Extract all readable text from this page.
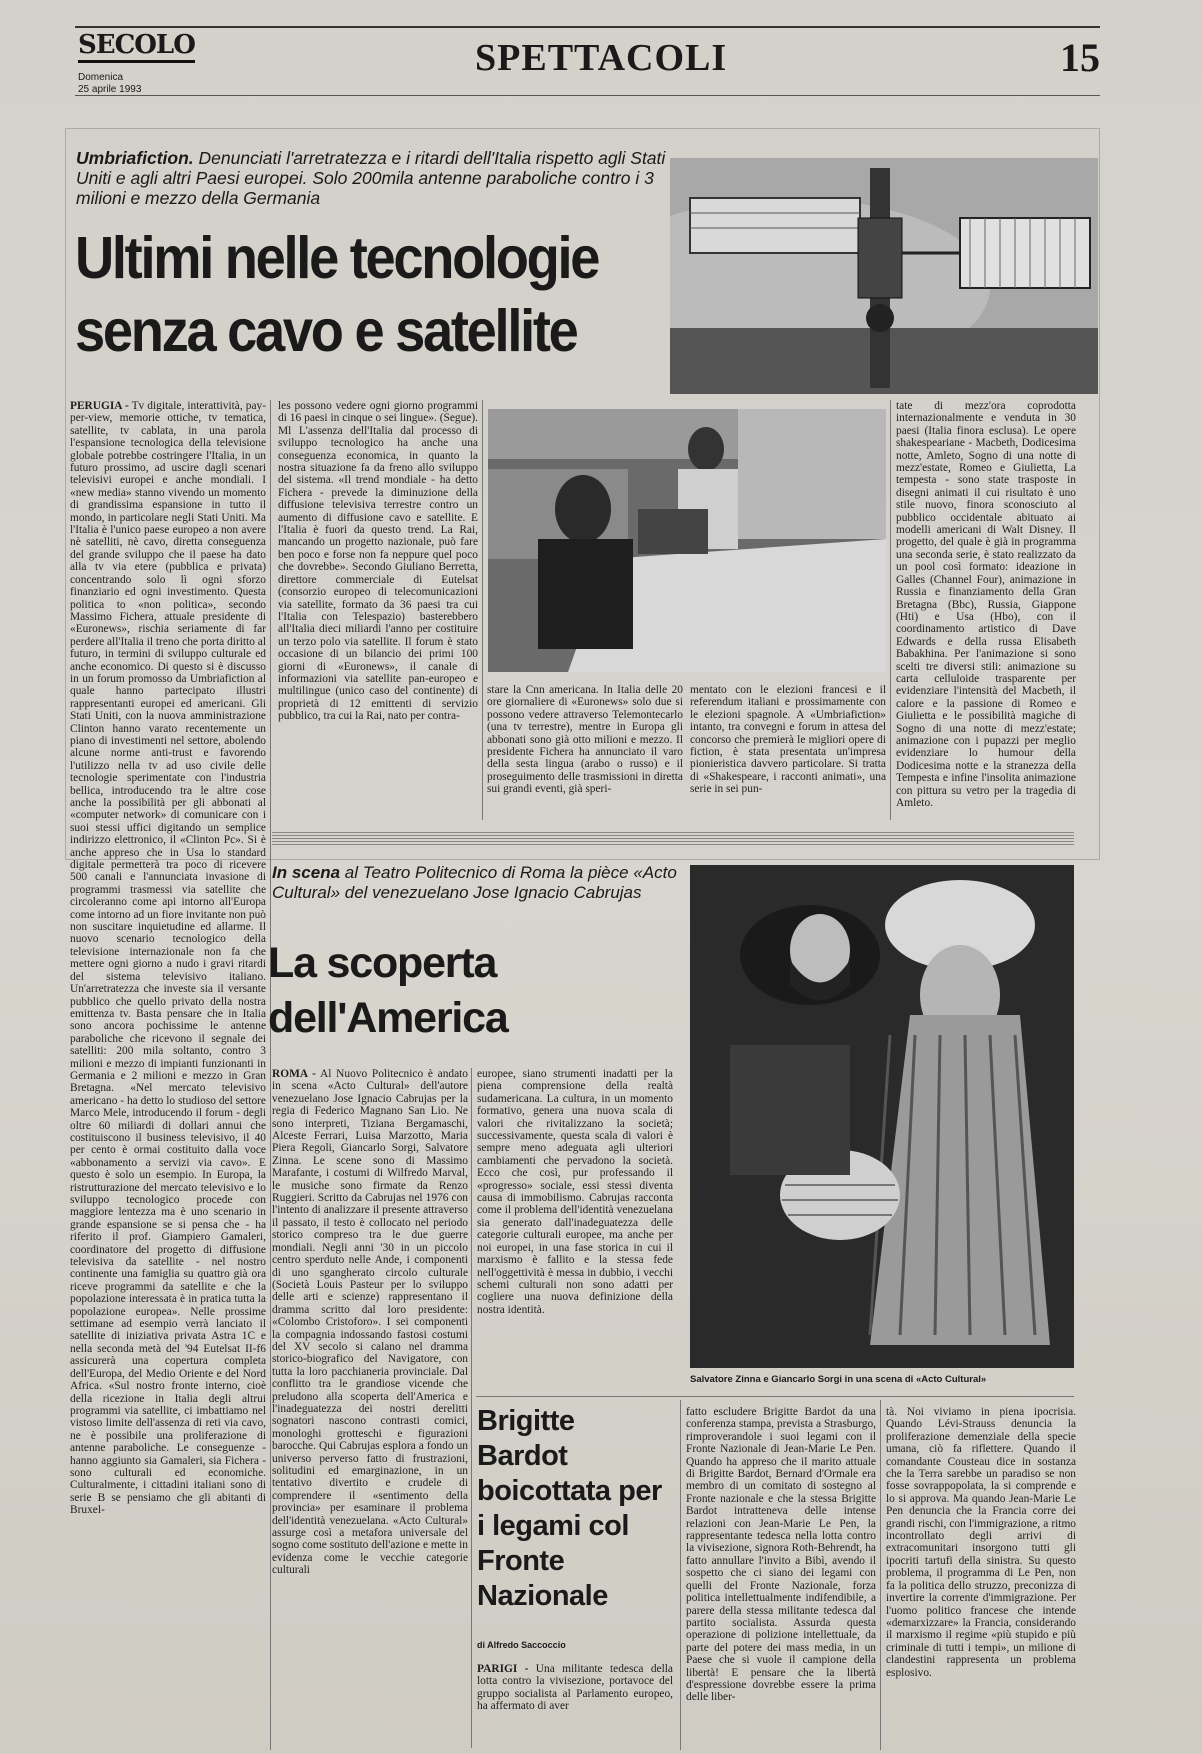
SECOLO
Domenica
25 aprile 1993
SPETTACOLI	15
Umbriafiction. Denunciati l'arretratezza e i ritardi dell'Italia rispetto agli Stati Uniti e agli altri Paesi europei. Solo 200mila antenne paraboliche contro i 3 milioni e mezzo della Germania
Ultimi nelle tecnologie
senza cavo e satellite
PERUGIA - Tv digitale, interattività, pay-per-view, memorie ottiche, tv tematica, satellite, tv cablata, in una parola l'espansione tecnologica della televisione globale potrebbe costringere l'Italia, in un futuro prossimo, ad uscire dagli scenari televisivi europei e anche mondiali. I «new media» stanno vivendo un momento di grandissima espansione in tutto il mondo, in particolare negli Stati Uniti. Ma l'Italia è l'unico paese europeo a non avere nè satelliti, nè cavo, diretta conseguenza del grande sviluppo che il paese ha dato alla tv via etere (pubblica e privata) concentrando solo lì ogni sforzo finanziario ed ogni investimento. Questa politica to «non politica», secondo Massimo Fichera, attuale presidente di «Euronews», rischia seriamente di far perdere all'Italia il treno che porta diritto al futuro, in termini di sviluppo culturale ed anche economico. Di questo si è discusso in un forum promosso da Umbriafiction al quale hanno partecipato illustri rappresentanti europei ed americani. Gli Stati Uniti, con la nuova amministrazione Clinton hanno varato recentemente un piano di investimenti nel settore, abolendo alcune norme anti-trust e favorendo l'utilizzo nella tv ad uso civile delle tecnologie sperimentate con l'industria bellica, introducendo tra le altre cose anche la possibilità per gli abbonati al «computer network» di comunicare con i suoi stessi uffici digitando un semplice indirizzo elettronico, il «Clinton Pc». Si è anche appreso che in Usa lo standard digitale permetterà tra poco di ricevere 500 canali e l'annunciata invasione di programmi trasmessi via satellite che circoleranno come api intorno all'Europa come intorno ad un fiore invitante non può non suscitare inquietudine ed allarme. Il nuovo scenario tecnologico della televisione internazionale non fa che mettere ogni giorno a nudo i gravi ritardi del sistema televisivo italiano. Un'arretratezza che investe sia il versante pubblico che quello privato della nostra emittenza tv. Basta pensare che in Italia sono ancora pochissime le antenne paraboliche che ricevono il segnale dei satelliti: 200 mila soltanto, contro 3 milioni e mezzo di impianti funzionanti in Germania e 2 milioni e mezzo in Gran Bretagna. «Nel mercato televisivo americano - ha detto lo studioso del settore Marco Mele, introducendo il forum - degli oltre 60 miliardi di dollari annui che costituiscono il business televisivo, il 40 per cento è ormai costituito dalla voce «abbonamento a servizi via cavo». E questo è solo un esempio. In Europa, la ristrutturazione del mercato televisivo e lo sviluppo tecnologico procede con maggiore lentezza ma è uno scenario in grande espansione se si pensa che - ha riferito il prof. Giampiero Gamaleri, coordinatore del progetto di diffusione televisiva da satellite - nel nostro continente una famiglia su quattro già ora riceve programmi da satellite e che la popolazione interessata è in pratica tutta la popolazione europea». Nelle prossime settimane ad esempio verrà lanciato il satellite di iniziativa privata Astra 1C e nella seconda metà del '94 Eutelsat II-f6 assicurerà una copertura completa dell'Europa, del Medio Oriente e del Nord Africa. «Sul nostro fronte interno, cioè della ricezione in Italia degli altrui programmi via satellite, ci imbattiamo nel vistoso limite dell'assenza di reti via cavo, ne è possibile una proliferazione di antenne paraboliche. Le conseguenze - hanno aggiunto sia Gamaleri, sia Fichera - sono culturali ed economiche. Culturalmente, i cittadini italiani sono di serie B se pensiamo che gli abitanti di Bruxel-
les possono vedere ogni giorno programmi di 16 paesi in cinque o sei lingue». (Segue). Ml L'assenza dell'Italia dal processo di sviluppo tecnologico ha anche una conseguenza economica, in quanto la nostra situazione fa da freno allo sviluppo del sistema. «Il trend mondiale - ha detto Fichera - prevede la diminuzione della diffusione televisiva terrestre contro un aumento di diffusione cavo e satellite. E l'Italia è fuori da questo trend. La Rai, mancando un progetto nazionale, può fare ben poco e forse non fa neppure quel poco che dovrebbe». Secondo Giuliano Berretta, direttore commerciale di Eutelsat (consorzio europeo di telecomunicazioni via satellite, formato da 36 paesi tra cui l'Italia con Telespazio) basterebbero all'Italia dieci miliardi l'anno per costituire un terzo polo via satellite. Il forum è stato occasione di un bilancio dei primi 100 giorni di «Euronews», il canale di informazioni via satellite pan-europeo e multilingue (unico caso del continente) di proprietà di 12 emittenti di servizio pubblico, tra cui la Rai, nato per contra-
stare la Cnn americana. In Italia delle 20 ore giornaliere di «Euronews» solo due si possono vedere attraverso Telemontecarlo (una tv terrestre), mentre in Europa gli abbonati sono già otto milioni e mezzo. Il presidente Fichera ha annunciato il varo della sesta lingua (arabo o russo) e il proseguimento delle trasmissioni in diretta sui grandi eventi, già speri-
mentato con le elezioni francesi e il referendum italiani e prossimamente con le elezioni spagnole. A «Umbriafiction» intanto, tra convegni e forum in attesa del concorso che premierà le migliori opere di fiction, è stata presentata un'impresa pionieristica davvero particolare. Si tratta di «Shakespeare, i racconti animati», una serie in sei pun-
tate di mezz'ora coprodotta internazionalmente e venduta in 30 paesi (Italia finora esclusa). Le opere shakespeariane - Macbeth, Dodicesima notte, Amleto, Sogno di una notte di mezz'estate, Romeo e Giulietta, La tempesta - sono state trasposte in disegni animati il cui risultato è uno stile nuovo, finora sconosciuto al pubblico occidentale abituato ai modelli americani di Walt Disney. Il progetto, del quale è già in programma una seconda serie, è stato realizzato da un pool così formato: ideazione in Galles (Channel Four), animazione in Russia e finanziamento della Gran Bretagna (Bbc), Russia, Giappone (Hti) e Usa (Hbo), con il coordinamento artistico di Dave Edwards e della russa Elisabeth Babakhina. Per l'animazione si sono scelti tre diversi stili: animazione su carta celluloide trasparente per evidenziare l'intensità del Macbeth, il calore e la passione di Romeo e Giulietta e le possibilità magiche di Sogno di una notte di mezz'estate; animazione con i pupazzi per meglio evidenziare lo humour della Dodicesima notte e la stranezza della Tempesta e infine l'insolita animazione con pittura su vetro per la tragedia di Amleto.
In scena al Teatro Politecnico di Roma la pièce «Acto Cultural» del venezuelano Jose Ignacio Cabrujas
La scoperta
dell'America
Salvatore Zinna e Giancarlo Sorgi in una scena di «Acto Cultural»
ROMA - Al Nuovo Politecnico è andato in scena «Acto Cultural» dell'autore venezuelano Jose Ignacio Cabrujas per la regia di Federico Magnano San Lio. Ne sono interpreti, Tiziana Bergamaschi, Alceste Ferrari, Luisa Marzotto, Maria Piera Regoli, Giancarlo Sorgi, Salvatore Zinna. Le scene sono di Massimo Marafante, i costumi di Wilfredo Marval, le musiche sono firmate da Renzo Ruggieri. Scritto da Cabrujas nel 1976 con l'intento di analizzare il presente attraverso il passato, il testo è collocato nel periodo storico compreso tra le due guerre mondiali. Negli anni '30 in un piccolo centro sperduto nelle Ande, i componenti di uno sgangherato circolo culturale (Società Louis Pasteur per lo sviluppo delle arti e scienze) rappresentano il dramma scritto dal loro presidente: «Colombo Cristoforo». I sei componenti la compagnia indossando fastosi costumi del XV secolo si calano nel dramma storico-biografico del Navigatore, con tutta la loro pacchianeria provinciale. Dal conflitto tra le grandiose vicende che preludono alla scoperta dell'America e l'inadeguatezza dei nostri derelitti sognatori nascono contrasti comici, monologhi grotteschi e figurazioni barocche. Qui Cabrujas esplora a fondo un universo perverso fatto di frustrazioni, solitudini ed emarginazione, in un tentativo divertito e crudele di comprendere il «sentimento della provincia» per esaminare il problema dell'identità venezuelana. «Acto Cultural» assurge così a metafora universale del sogno come sostituto dell'azione e mette in evidenza come le vecchie categorie culturali
europee, siano strumenti inadatti per la piena comprensione della realtà sudamericana. La cultura, in un momento formativo, genera una nuova scala di valori che rivitalizzano la società; successivamente, questa scala di valori è sempre meno adeguata agli ulteriori cambiamenti che pervadono la società. Ecco che così, pur professando il «progresso» sociale, essi stessi diventa causa di immobilismo. Cabrujas racconta come il problema dell'identità venezuelana sia generato dall'inadeguatezza delle categorie culturali europee, ma anche per noi europei, in una fase storica in cui il marxismo è fallito e la stessa fede nell'oggettività è messa in dubbio, i vecchi schemi culturali non sono adatti per cogliere una nuova definizione della nostra identità.
Brigitte Bardot boicottata per i legami col Fronte Nazionale
di Alfredo Saccoccio
PARIGI - Una militante tedesca della lotta contro la vivisezione, portavoce del gruppo socialista al Parlamento europeo, ha affermato di aver
fatto escludere Brigitte Bardot da una conferenza stampa, prevista a Strasburgo, rimproverandole i suoi legami con il Fronte Nazionale di Jean-Marie Le Pen. Quando ha appreso che il marito attuale di Brigitte Bardot, Bernard d'Ormale era membro di un comitato di sostegno al Fronte nazionale e che la stessa Brigitte Bardot intratteneva delle intense relazioni con Jean-Marie Le Pen, la rappresentante tedesca nella lotta contro la vivisezione, signora Roth-Behrendt, ha fatto annullare l'invito a Bibì, avendo il sospetto che ci siano dei legami con quelli del Fronte Nazionale, forza politica intellettualmente indifendibile, a parere della stessa militante tedesca dal partito socialista. Assurda questa operazione di polizione intellettuale, da parte del potere dei mass media, in un Paese che si vuole il campione della libertà! E pensare che la libertà d'espressione dovrebbe essere la prima delle liber-
tà. Noi viviamo in piena ipocrisia. Quando Lévi-Strauss denuncia la proliferazione demenziale della specie umana, ciò fa riflettere. Quando il comandante Cousteau dice in sostanza che la Terra sarebbe un paradiso se non fosse sovrappopolata, la si comprende e lo si approva. Ma quando Jean-Marie Le Pen denuncia che la Francia corre dei grandi rischi, con l'immigrazione, a ritmo incontrollato degli arrivi di extracomunitari insorgono tutti gli ipocriti tartufi della sinistra. Su questo problema, il programma di Le Pen, non fa la politica dello struzzo, preconizza di invertire la corrente d'immigrazione. Per l'uomo politico francese che intende «demarxizzare» la Francia, considerando il marxismo il regime «più stupido e più criminale di tutti i tempi», un milione di clandestini rappresenta un problema esplosivo.
